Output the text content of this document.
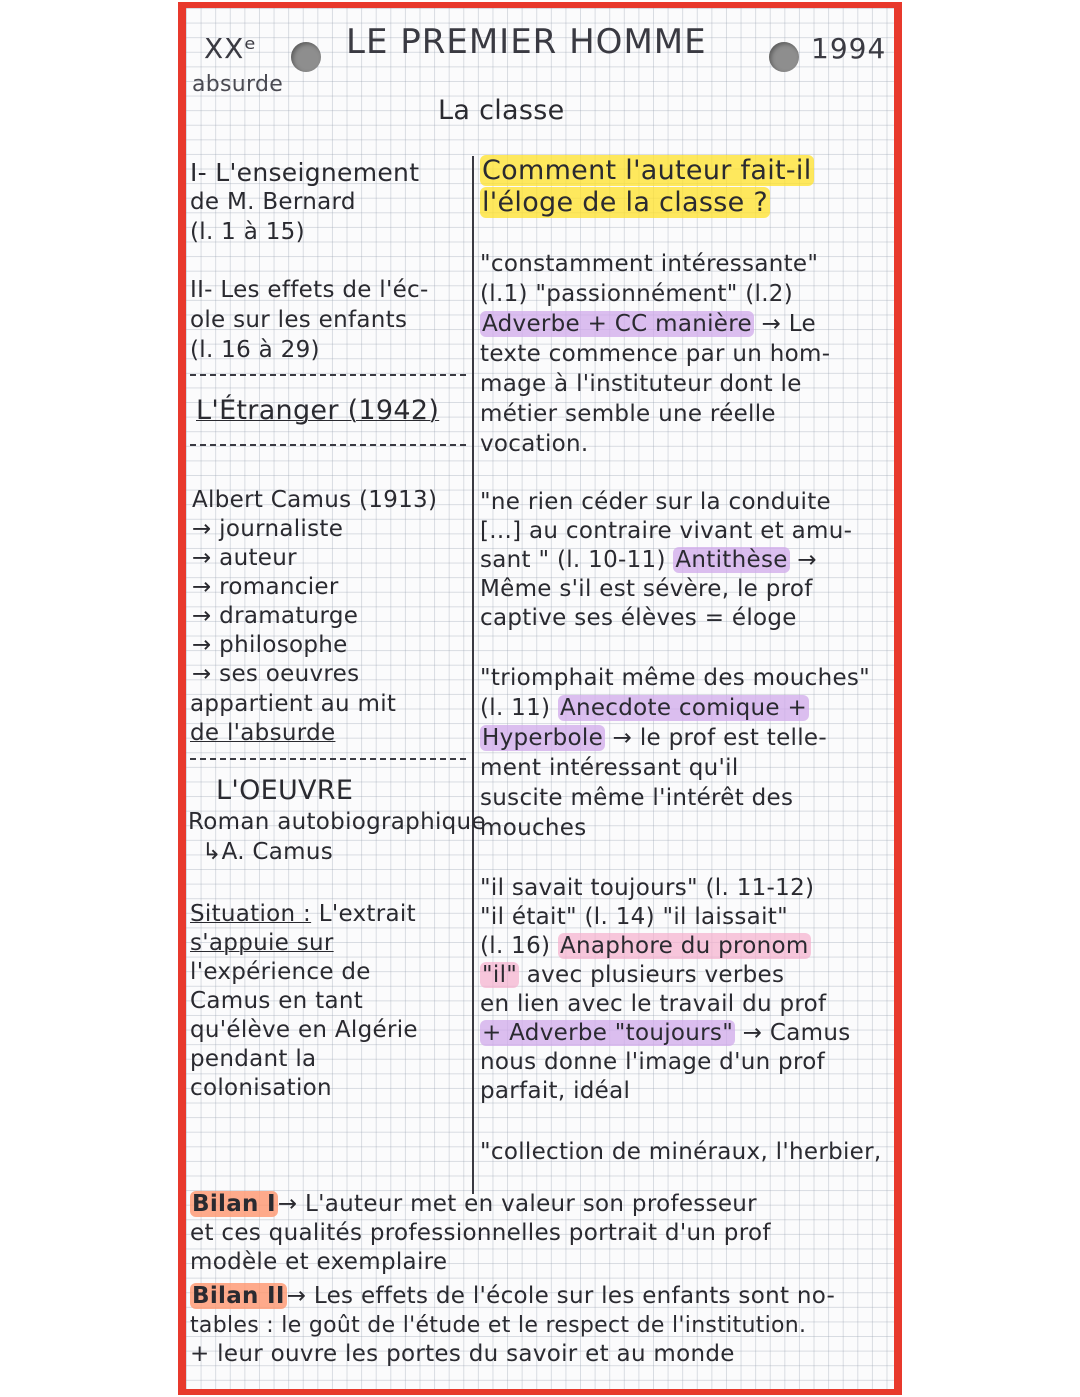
XXᵉ
absurde
LE PREMIER HOMME	1994
La classe
I- L'enseignement
de M. Bernard
(l. 1 à 15)
II- Les effets de l'éc-
ole sur les enfants
(l. 16 à 29)
L'Étranger (1942)
Albert Camus (1913)
→ journaliste
→ auteur
→ romancier
→ dramaturge
→ philosophe
→ ses oeuvres
appartient au mit
de l'absurde
L'OEUVRE
Roman autobiographique
↳A. Camus
Situation : L'extrait
s'appuie sur
l'expérience de
Camus en tant
qu'élève en Algérie
pendant la
colonisation
Comment l'auteur fait-il
l'éloge de la classe ?
"constamment intéressante"
(l.1) "passionnément" (l.2)
Adverbe + CC manière → Le
texte commence par un hom-
mage à l'instituteur dont le
métier semble une réelle
vocation.
"ne rien céder sur la conduite
[...] au contraire vivant et amu-
sant " (l. 10-11) Antithèse →
Même s'il est sévère, le prof
captive ses élèves = éloge
"triomphait même des mouches"
(l. 11) Anecdote comique +
Hyperbole → le prof est telle-
ment intéressant qu'il
suscite même l'intérêt des
mouches
"il savait toujours" (l. 11-12)
"il était" (l. 14) "il laissait"
(l. 16) Anaphore du pronom
"il" avec plusieurs verbes
en lien avec le travail du prof
+ Adverbe "toujours" → Camus
nous donne l'image d'un prof
parfait, idéal
"collection de minéraux, l'herbier,
Bilan I→ L'auteur met en valeur son professeur
et ces qualités professionnelles portrait d'un prof
modèle et exemplaire
Bilan II→ Les effets de l'école sur les enfants sont no-
tables : le goût de l'étude et le respect de l'institution.
+ leur ouvre les portes du savoir et au monde
